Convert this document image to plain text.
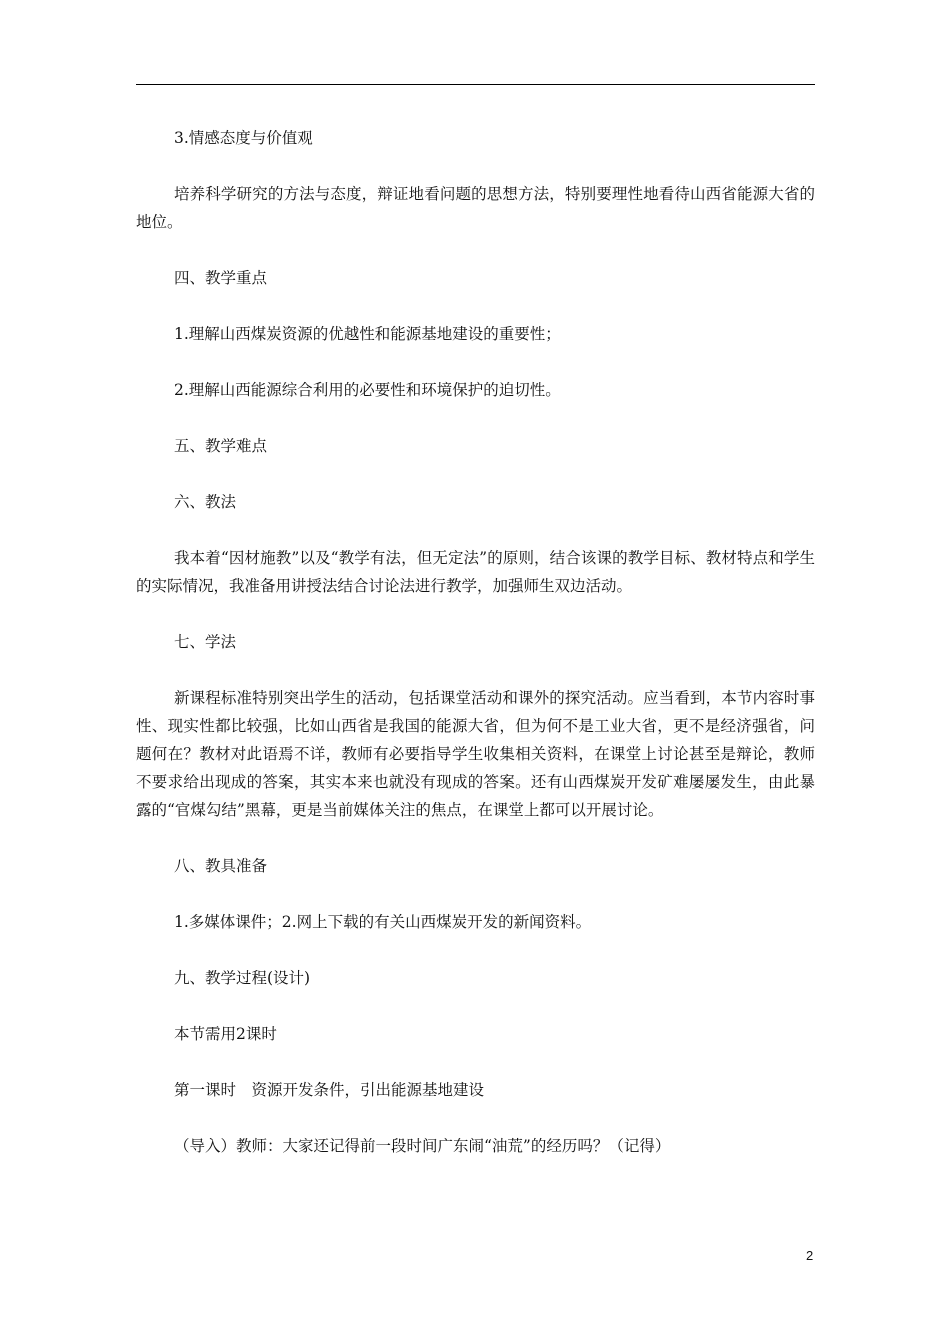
3.情感态度与价值观

培养科学研究的方法与态度，辩证地看问题的思想方法，特别要理性地看待山西省能源大省的地位。

四、教学重点

1.理解山西煤炭资源的优越性和能源基地建设的重要性；

2.理解山西能源综合利用的必要性和环境保护的迫切性。

五、教学难点

六、教法

我本着“因材施教”以及“教学有法，但无定法”的原则，结合该课的教学目标、教材特点和学生的实际情况，我准备用讲授法结合讨论法进行教学，加强师生双边活动。

七、学法

新课程标准特别突出学生的活动，包括课堂活动和课外的探究活动。应当看到，本节内容时事性、现实性都比较强，比如山西省是我国的能源大省，但为何不是工业大省，更不是经济强省，问题何在？教材对此语焉不详，教师有必要指导学生收集相关资料，在课堂上讨论甚至是辩论，教师不要求给出现成的答案，其实本来也就没有现成的答案。还有山西煤炭开发矿难屡屡发生，由此暴露的“官煤勾结”黑幕，更是当前媒体关注的焦点，在课堂上都可以开展讨论。

八、教具准备

1.多媒体课件；2.网上下载的有关山西煤炭开发的新闻资料。

九、教学过程(设计)

本节需用2课时

第一课时　资源开发条件，引出能源基地建设

（导入）教师：大家还记得前一段时间广东闹“油荒”的经历吗？（记得）

2
